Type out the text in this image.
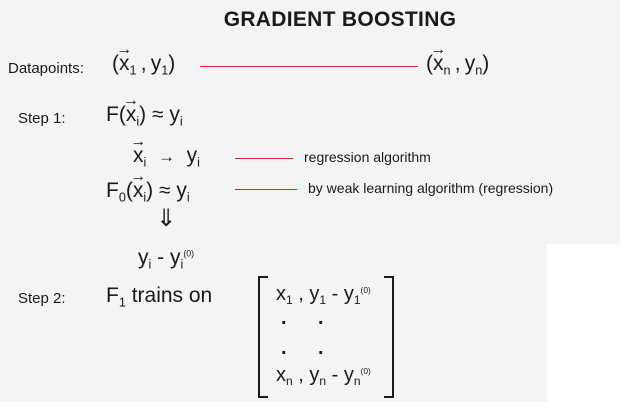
GRADIENT BOOSTING
Datapoints: (→ $x_1$ , $y_1$)	(→ $x_n$ , $y_n$)
Step 1: $F(\to x_i) \approx y_i$
→ $x_i \to y_i$	regression algorithm
$F_0(\to x_i) \approx y_i$
by weak learning algorithm (regression)
⇓
$y_i - y_i^{(0)}$
Step 2: $F_1$ trains on	$x_1$ , $y_1 - y_1^{(0)}$
. .
. .
$x_n$ , $y_n - y_n^{(0)}$
